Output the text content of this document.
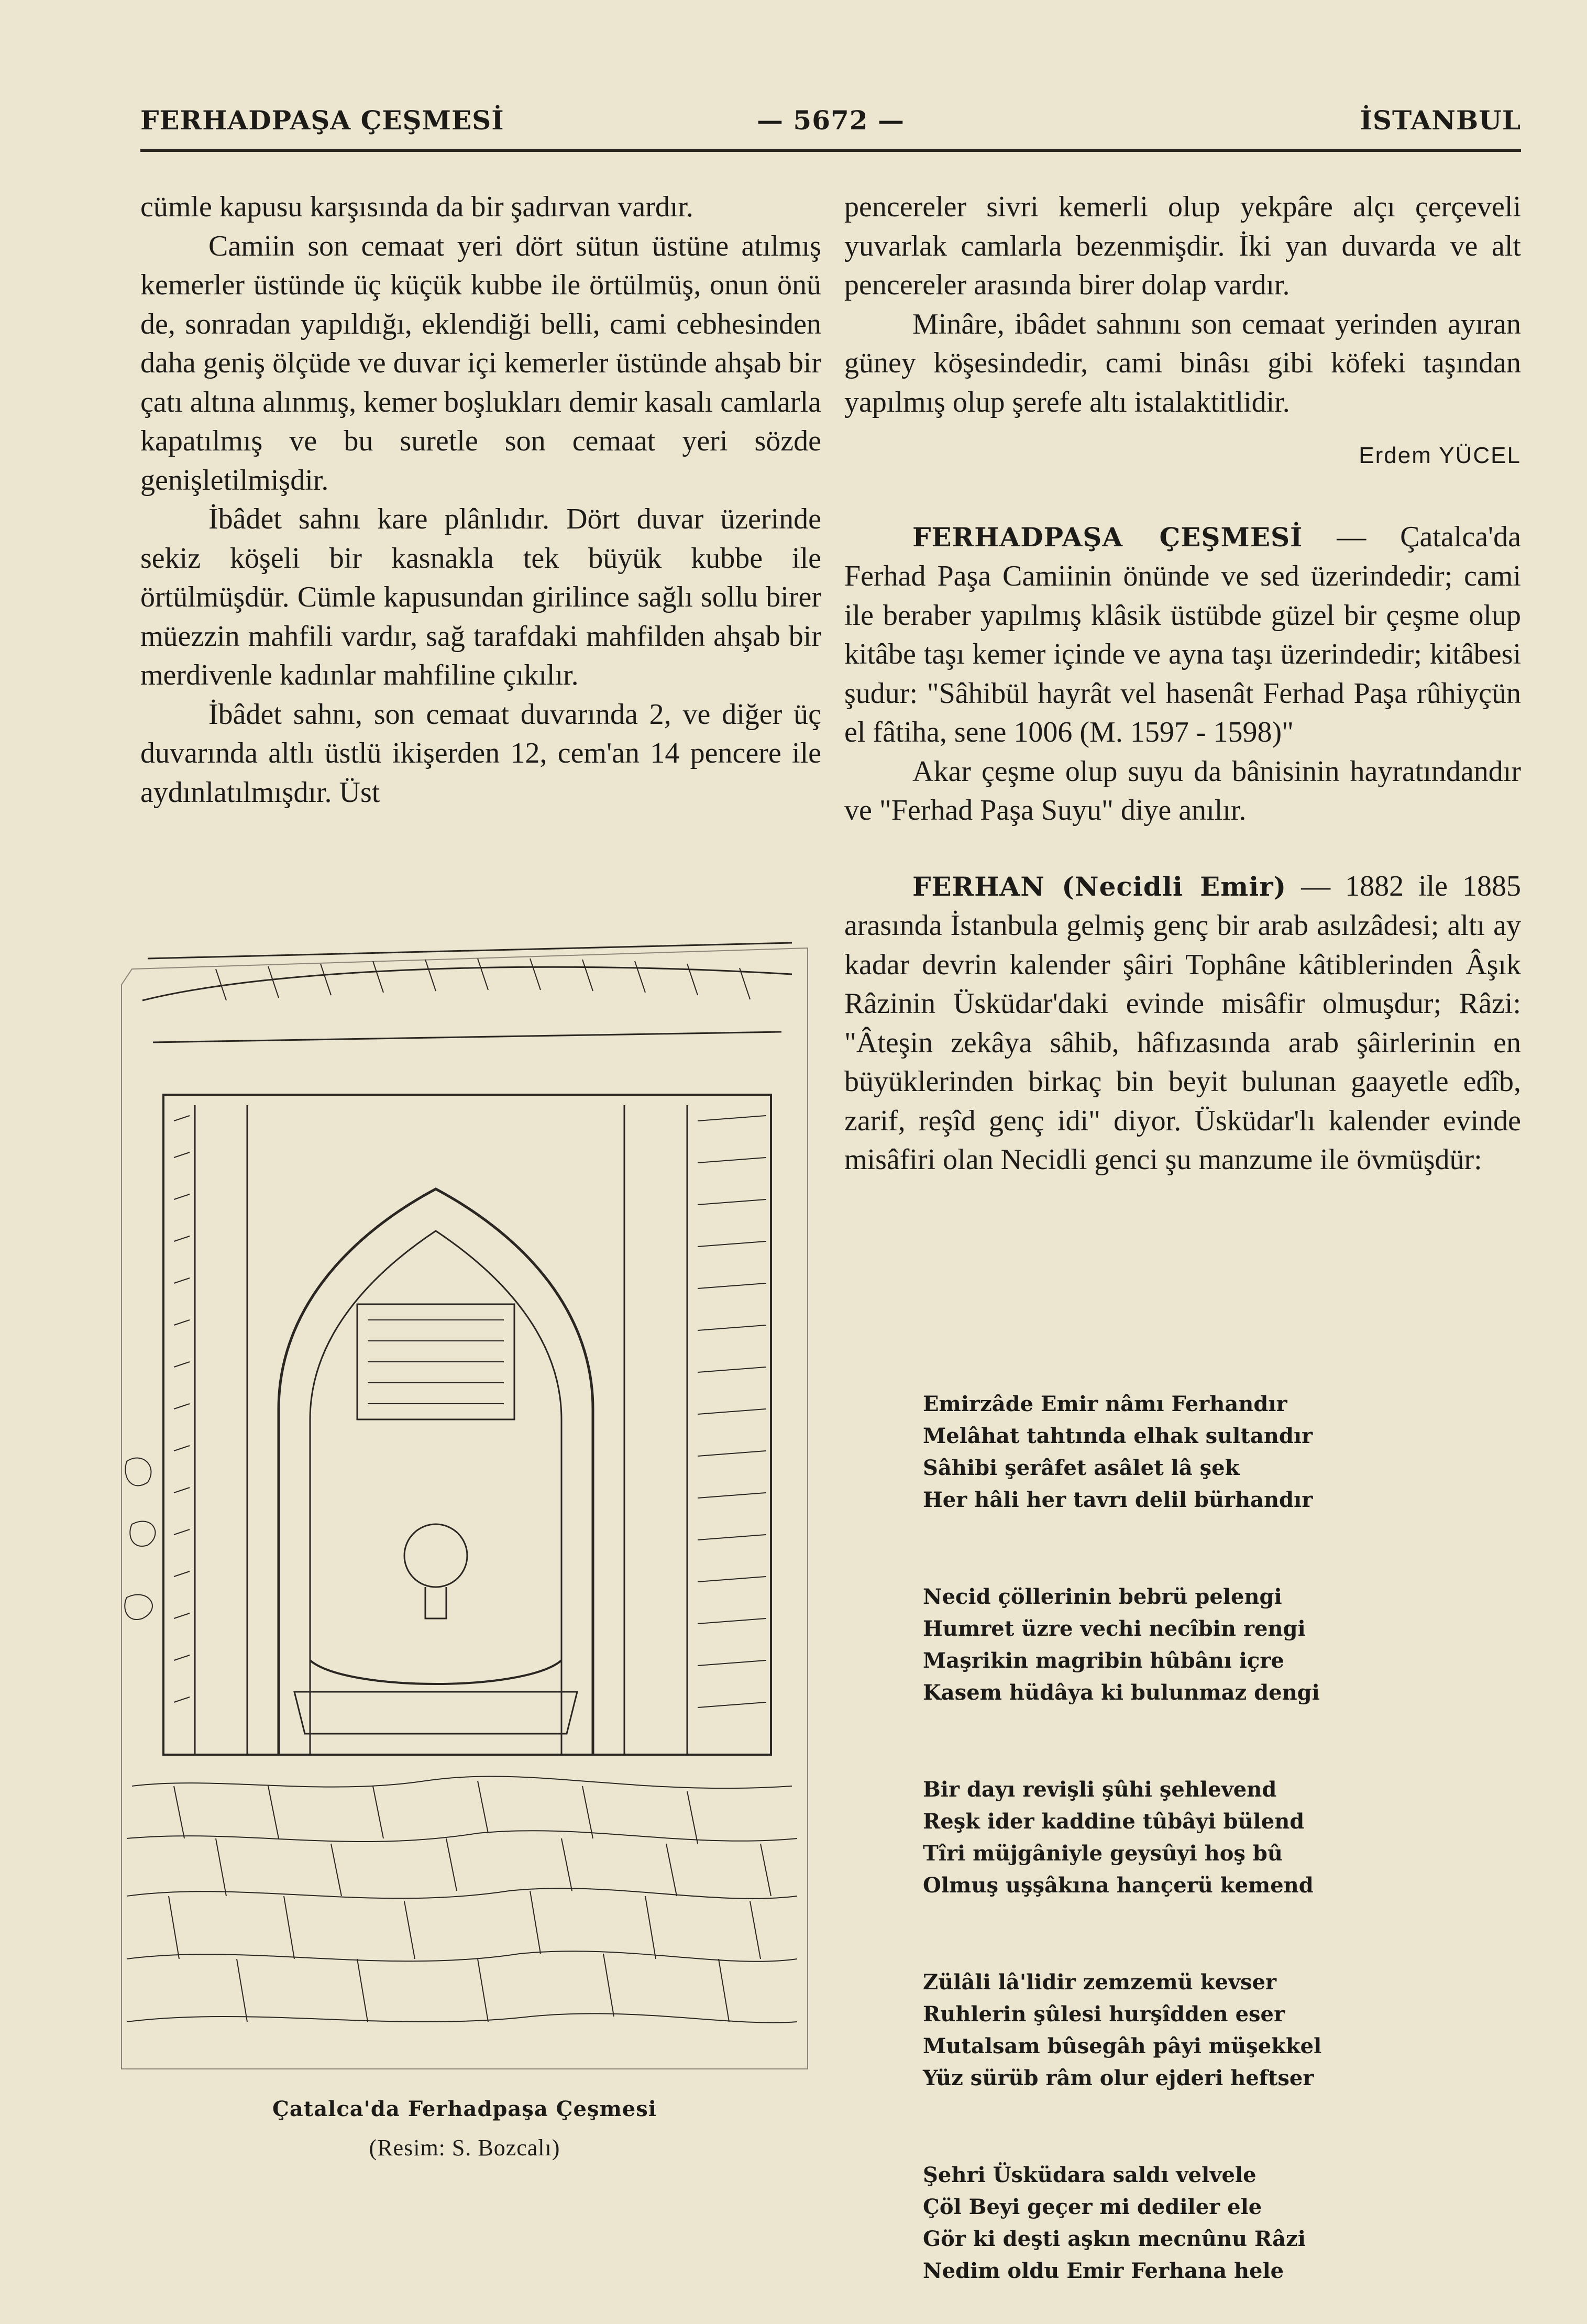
FERHADPAŞA ÇEŞMESİ	— 5672 —	İSTANBUL

cümle kapusu karşısında da bir şadırvan vardır.

Camiin son cemaat yeri dört sütun üstüne atılmış kemerler üstünde üç küçük kubbe ile örtülmüş, onun önü de, sonradan yapıldığı, eklendiği belli, cami cebhesinden daha geniş ölçüde ve duvar içi kemerler üstünde ahşab bir çatı altına alınmış, kemer boşlukları demir kasalı camlarla kapatılmış ve bu suretle son cemaat yeri sözde genişletilmişdir.

İbâdet sahnı kare plânlıdır. Dört duvar üzerinde sekiz köşeli bir kasnakla tek büyük kubbe ile örtülmüşdür. Cümle kapusundan girilince sağlı sollu birer müezzin mahfili vardır, sağ tarafdaki mahfilden ahşab bir merdivenle kadınlar mahfiline çıkılır.

İbâdet sahnı, son cemaat duvarında 2, ve diğer üç duvarında altlı üstlü ikişerden 12, cem'an 14 pencere ile aydınlatılmışdır. Üst

Çatalca'da Ferhadpaşa Çeşmesi
(Resim: S. Bozcalı)

pencereler sivri kemerli olup yekpâre alçı çerçeveli yuvarlak camlarla bezenmişdir. İki yan duvarda ve alt pencereler arasında birer dolap vardır.

Minâre, ibâdet sahnını son cemaat yerinden ayıran güney köşesindedir, cami binâsı gibi köfeki taşından yapılmış olup şerefe altı istalaktitlidir.

Erdem YÜCEL

FERHADPAŞA ÇEŞMESİ — Çatalca'da Ferhad Paşa Camiinin önünde ve sed üzerindedir; cami ile beraber yapılmış klâsik üstübde güzel bir çeşme olup kitâbe taşı kemer içinde ve ayna taşı üzerindedir; kitâbesi şudur: "Sâhibül hayrât vel hasenât Ferhad Paşa rûhiyçün el fâtiha, sene 1006 (M. 1597 - 1598)"

Akar çeşme olup suyu da bânisinin hayratındandır ve "Ferhad Paşa Suyu" diye anılır.

FERHAN (Necidli Emir) — 1882 ile 1885 arasında İstanbula gelmiş genç bir arab asılzâdesi; altı ay kadar devrin kalender şâiri Tophâne kâtiblerinden Âşık Râzinin Üsküdar'daki evinde misâfir olmuşdur; Râzi: "Âteşin zekâya sâhib, hâfızasında arab şâirlerinin en büyüklerinden birkaç bin beyit bulunan gaayetle edîb, zarif, reşîd genç idi" diyor. Üsküdar'lı kalender evinde misâfiri olan Necidli genci şu manzume ile övmüşdür:

Emirzâde Emir nâmı Ferhandır
Melâhat tahtında elhak sultandır
Sâhibi şerâfet asâlet lâ şek
Her hâli her tavrı delil bürhandır
Necid çöllerinin bebrü pelengi
Humret üzre vechi necîbin rengi
Maşrikin magribin hûbânı içre
Kasem hüdâya ki bulunmaz dengi
Bir dayı revişli şûhi şehlevend
Reşk ider kaddine tûbâyi bülend
Tîri müjgâniyle geysûyi hoş bû
Olmuş uşşâkına hançerü kemend
Zülâli lâ'lidir zemzemü kevser
Ruhlerin şûlesi hurşîdden eser
Mutalsam bûsegâh pâyi müşekkel
Yüz sürüb râm olur ejderi heftser
Şehri Üsküdara saldı velvele
Çöl Beyi geçer mi dediler ele
Gör ki deşti aşkın mecnûnu Râzi
Nedim oldu Emir Ferhana hele
